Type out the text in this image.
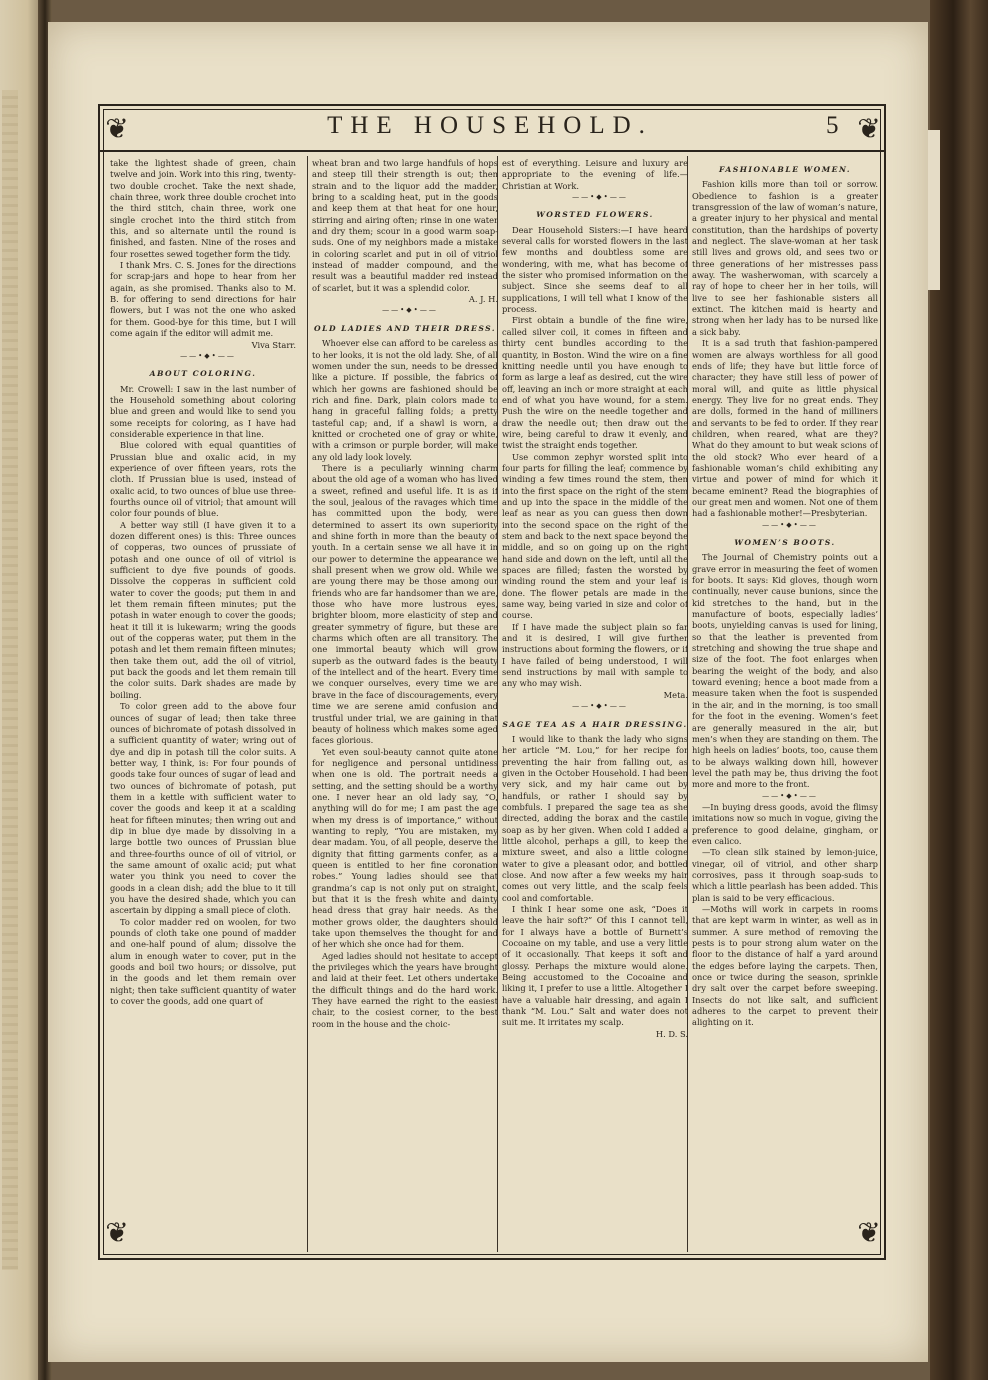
❦	❦
❦	❦
THE HOUSEHOLD.	5

take the lightest shade of green, chain twelve and join. Work into this ring, twenty-two double crochet. Take the next shade, chain three, work three double crochet into the third stitch, chain three, work one single crochet into the third stitch from this, and so alternate until the round is finished, and fasten. Nine of the roses and four rosettes sewed together form the tidy.

I thank Mrs. C. S. Jones for the directions for scrap-jars and hope to hear from her again, as she promised. Thanks also to M. B. for offering to send directions for hair flowers, but I was not the one who asked for them. Good-bye for this time, but I will come again if the editor will admit me.

Viva Starr.

——•◆•——

ABOUT COLORING.

Mr. Crowell: I saw in the last number of the Household something about coloring blue and green and would like to send you some receipts for coloring, as I have had considerable experience in that line.

Blue colored with equal quantities of Prussian blue and oxalic acid, in my experience of over fifteen years, rots the cloth. If Prussian blue is used, instead of oxalic acid, to two ounces of blue use three-fourths ounce oil of vitriol; that amount will color four pounds of blue.

A better way still (I have given it to a dozen different ones) is this: Three ounces of copperas, two ounces of prussiate of potash and one ounce of oil of vitriol is sufficient to dye five pounds of goods. Dissolve the copperas in sufficient cold water to cover the goods; put them in and let them remain fifteen minutes; put the potash in water enough to cover the goods; heat it till it is lukewarm; wring the goods out of the copperas water, put them in the potash and let them remain fifteen minutes; then take them out, add the oil of vitriol, put back the goods and let them remain till the color suits. Dark shades are made by boiling.

To color green add to the above four ounces of sugar of lead; then take three ounces of bichromate of potash dissolved in a sufficient quantity of water; wring out of dye and dip in potash till the color suits. A better way, I think, is: For four pounds of goods take four ounces of sugar of lead and two ounces of bichromate of potash, put them in a kettle with sufficient water to cover the goods and keep it at a scalding heat for fifteen minutes; then wring out and dip in blue dye made by dissolving in a large bottle two ounces of Prussian blue and three-fourths ounce of oil of vitriol, or the same amount of oxalic acid; put what water you think you need to cover the goods in a clean dish; add the blue to it till you have the desired shade, which you can ascertain by dipping a small piece of cloth.

To color madder red on woolen, for two pounds of cloth take one pound of madder and one-half pound of alum; dissolve the alum in enough water to cover, put in the goods and boil two hours; or dissolve, put in the goods and let them remain over night; then take sufficient quantity of water to cover the goods, add one quart of

wheat bran and two large handfuls of hops and steep till their strength is out; then strain and to the liquor add the madder, bring to a scalding heat, put in the goods and keep them at that heat for one hour, stirring and airing often; rinse in one water and dry them; scour in a good warm soap-suds. One of my neighbors made a mistake in coloring scarlet and put in oil of vitriol instead of madder compound, and the result was a beautiful madder red instead of scarlet, but it was a splendid color.

A. J. H.

——•◆•——

OLD LADIES AND THEIR DRESS.

Whoever else can afford to be careless as to her looks, it is not the old lady. She, of all women under the sun, needs to be dressed like a picture. If possible, the fabrics of which her gowns are fashioned should be rich and fine. Dark, plain colors made to hang in graceful falling folds; a pretty tasteful cap; and, if a shawl is worn, a knitted or crocheted one of gray or white, with a crimson or purple border, will make any old lady look lovely.

There is a peculiarly winning charm about the old age of a woman who has lived a sweet, refined and useful life. It is as if the soul, jealous of the ravages which time has committed upon the body, were determined to assert its own superiority and shine forth in more than the beauty of youth. In a certain sense we all have it in our power to determine the appearance we shall present when we grow old. While we are young there may be those among our friends who are far handsomer than we are, those who have more lustrous eyes, brighter bloom, more elasticity of step and greater symmetry of figure, but these are charms which often are all transitory. The one immortal beauty which will grow superb as the outward fades is the beauty of the intellect and of the heart. Every time we conquer ourselves, every time we are brave in the face of discouragements, every time we are serene amid confusion and trustful under trial, we are gaining in that beauty of holiness which makes some aged faces glorious.

Yet even soul-beauty cannot quite atone for negligence and personal untidiness when one is old. The portrait needs a setting, and the setting should be a worthy one. I never hear an old lady say, “O, anything will do for me; I am past the age when my dress is of importance,” without wanting to reply, “You are mistaken, my dear madam. You, of all people, deserve the dignity that fitting garments confer, as a queen is entitled to her fine coronation robes.” Young ladies should see that grandma’s cap is not only put on straight, but that it is the fresh white and dainty head dress that gray hair needs. As the mother grows older, the daughters should take upon themselves the thought for and of her which she once had for them.

Aged ladies should not hesitate to accept the privileges which the years have brought and laid at their feet. Let others undertake the difficult things and do the hard work. They have earned the right to the easiest chair, to the cosiest corner, to the best room in the house and the choic-

est of everything. Leisure and luxury are appropriate to the evening of life.—Christian at Work.

——•◆•——

WORSTED FLOWERS.

Dear Household Sisters:—I have heard several calls for worsted flowers in the last few months and doubtless some are wondering, with me, what has become of the sister who promised information on the subject. Since she seems deaf to all supplications, I will tell what I know of the process.

First obtain a bundle of the fine wire, called silver coil, it comes in fifteen and thirty cent bundles according to the quantity, in Boston. Wind the wire on a fine knitting needle until you have enough to form as large a leaf as desired, cut the wire off, leaving an inch or more straight at each end of what you have wound, for a stem. Push the wire on the needle together and draw the needle out; then draw out the wire, being careful to draw it evenly, and twist the straight ends together.

Use common zephyr worsted split into four parts for filling the leaf; commence by winding a few times round the stem, then into the first space on the right of the stem and up into the space in the middle of the leaf as near as you can guess then down into the second space on the right of the stem and back to the next space beyond the middle, and so on going up on the right hand side and down on the left, until all the spaces are filled; fasten the worsted by winding round the stem and your leaf is done. The flower petals are made in the same way, being varied in size and color of course.

If I have made the subject plain so far and it is desired, I will give further instructions about forming the flowers, or if I have failed of being understood, I will send instructions by mail with sample to any who may wish.

Meta.

——•◆•——

SAGE TEA AS A HAIR DRESSING.

I would like to thank the lady who signs her article “M. Lou,” for her recipe for preventing the hair from falling out, as given in the October Household. I had been very sick, and my hair came out by handfuls, or rather I should say by combfuls. I prepared the sage tea as she directed, adding the borax and the castile soap as by her given. When cold I added a little alcohol, perhaps a gill, to keep the mixture sweet, and also a little cologne water to give a pleasant odor, and bottled close. And now after a few weeks my hair comes out very little, and the scalp feels cool and comfortable.

I think I hear some one ask, “Does it leave the hair soft?” Of this I cannot tell, for I always have a bottle of Burnett’s Cocoaine on my table, and use a very little of it occasionally. That keeps it soft and glossy. Perhaps the mixture would alone. Being accustomed to the Cocoaine and liking it, I prefer to use a little. Altogether I have a valuable hair dressing, and again I thank “M. Lou.” Salt and water does not suit me. It irritates my scalp.

H. D. S.

FASHIONABLE WOMEN.

Fashion kills more than toil or sorrow. Obedience to fashion is a greater transgression of the law of woman’s nature, a greater injury to her physical and mental constitution, than the hardships of poverty and neglect. The slave-woman at her task still lives and grows old, and sees two or three generations of her mistresses pass away. The washerwoman, with scarcely a ray of hope to cheer her in her toils, will live to see her fashionable sisters all extinct. The kitchen maid is hearty and strong when her lady has to be nursed like a sick baby.

It is a sad truth that fashion-pampered women are always worthless for all good ends of life; they have but little force of character; they have still less of power of moral will, and quite as little physical energy. They live for no great ends. They are dolls, formed in the hand of milliners and servants to be fed to order. If they rear children, when reared, what are they? What do they amount to but weak scions of the old stock? Who ever heard of a fashionable woman’s child exhibiting any virtue and power of mind for which it became eminent? Read the biographies of our great men and women. Not one of them had a fashionable mother!—Presbyterian.

——•◆•——

WOMEN’S BOOTS.

The Journal of Chemistry points out a grave error in measuring the feet of women for boots. It says: Kid gloves, though worn continually, never cause bunions, since the kid stretches to the hand, but in the manufacture of boots, especially ladies’ boots, unyielding canvas is used for lining, so that the leather is prevented from stretching and showing the true shape and size of the foot. The foot enlarges when bearing the weight of the body, and also toward evening; hence a boot made from a measure taken when the foot is suspended in the air, and in the morning, is too small for the foot in the evening. Women’s feet are generally measured in the air, but men’s when they are standing on them. The high heels on ladies’ boots, too, cause them to be always walking down hill, however level the path may be, thus driving the foot more and more to the front.

——•◆•——

—In buying dress goods, avoid the flimsy imitations now so much in vogue, giving the preference to good delaine, gingham, or even calico.

—To clean silk stained by lemon-juice, vinegar, oil of vitriol, and other sharp corrosives, pass it through soap-suds to which a little pearlash has been added. This plan is said to be very efficacious.

—Moths will work in carpets in rooms that are kept warm in winter, as well as in summer. A sure method of removing the pests is to pour strong alum water on the floor to the distance of half a yard around the edges before laying the carpets. Then, once or twice during the season, sprinkle dry salt over the carpet before sweeping. Insects do not like salt, and sufficient adheres to the carpet to prevent their alighting on it.
